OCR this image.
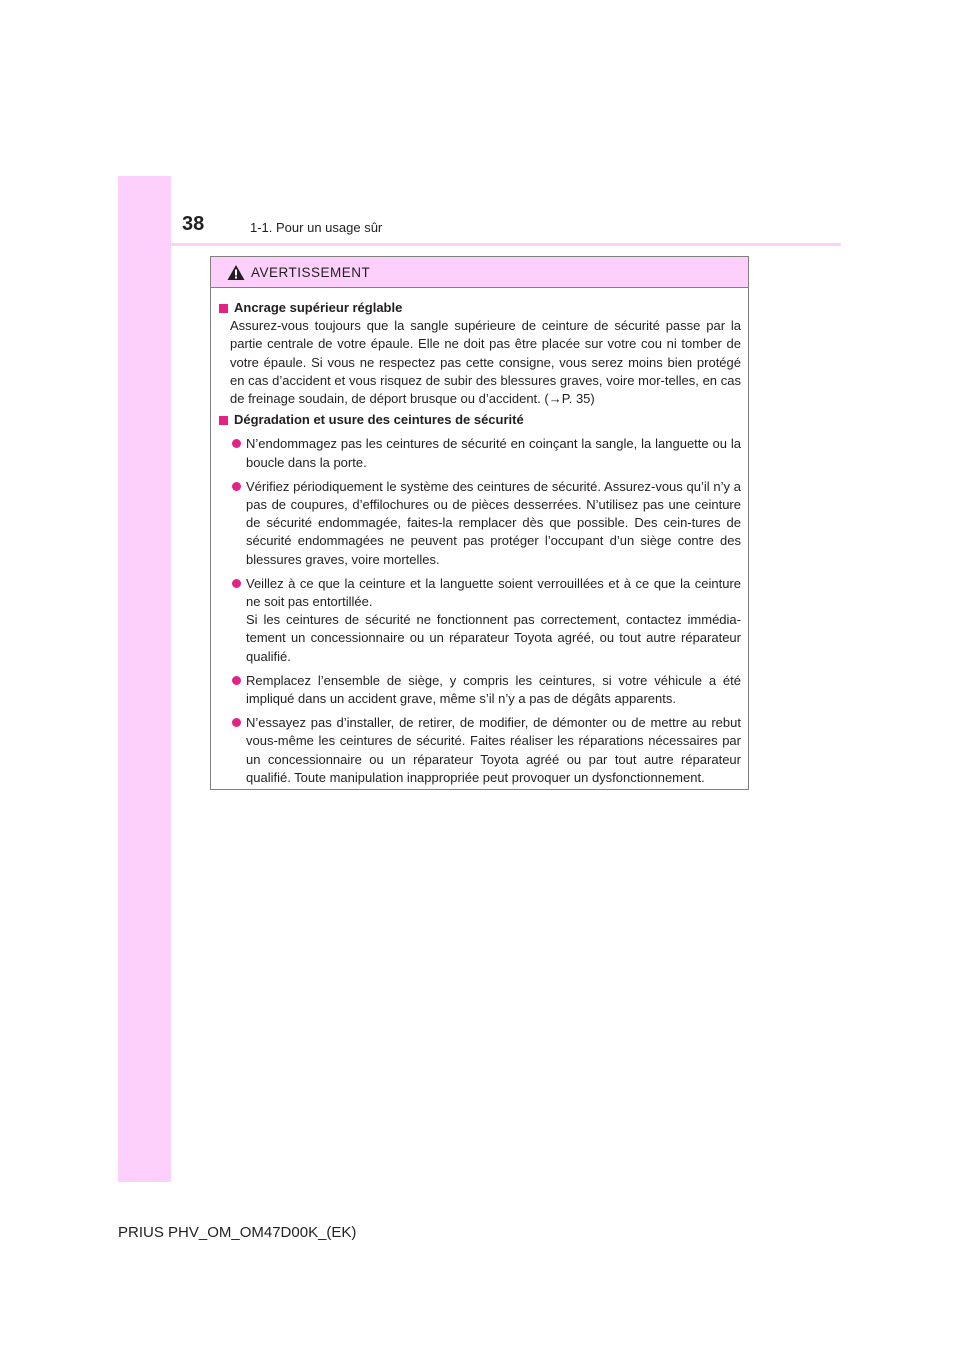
38	1-1. Pour un usage sûr
AVERTISSEMENT
Ancrage supérieur réglable
Assurez-vous toujours que la sangle supérieure de ceinture de sécurité passe par la partie centrale de votre épaule. Elle ne doit pas être placée sur votre cou ni tomber de votre épaule. Si vous ne respectez pas cette consigne, vous serez moins bien protégé en cas d’accident et vous risquez de subir des blessures graves, voire mor-telles, en cas de freinage soudain, de déport brusque ou d’accident. (→P. 35)
Dégradation et usure des ceintures de sécurité
N’endommagez pas les ceintures de sécurité en coinçant la sangle, la languette ou la boucle dans la porte.
Vérifiez périodiquement le système des ceintures de sécurité. Assurez-vous qu’il n’y a pas de coupures, d’effilochures ou de pièces desserrées. N’utilisez pas une ceinture de sécurité endommagée, faites-la remplacer dès que possible. Des cein-tures de sécurité endommagées ne peuvent pas protéger l’occupant d’un siège contre des blessures graves, voire mortelles.
Veillez à ce que la ceinture et la languette soient verrouillées et à ce que la ceinture ne soit pas entortillée.
Si les ceintures de sécurité ne fonctionnent pas correctement, contactez immédia-tement un concessionnaire ou un réparateur Toyota agréé, ou tout autre réparateur qualifié.
Remplacez l’ensemble de siège, y compris les ceintures, si votre véhicule a été impliqué dans un accident grave, même s’il n’y a pas de dégâts apparents.
N’essayez pas d’installer, de retirer, de modifier, de démonter ou de mettre au rebut vous-même les ceintures de sécurité. Faites réaliser les réparations nécessaires par un concessionnaire ou un réparateur Toyota agréé ou par tout autre réparateur qualifié. Toute manipulation inappropriée peut provoquer un dysfonctionnement.
PRIUS PHV_OM_OM47D00K_(EK)
